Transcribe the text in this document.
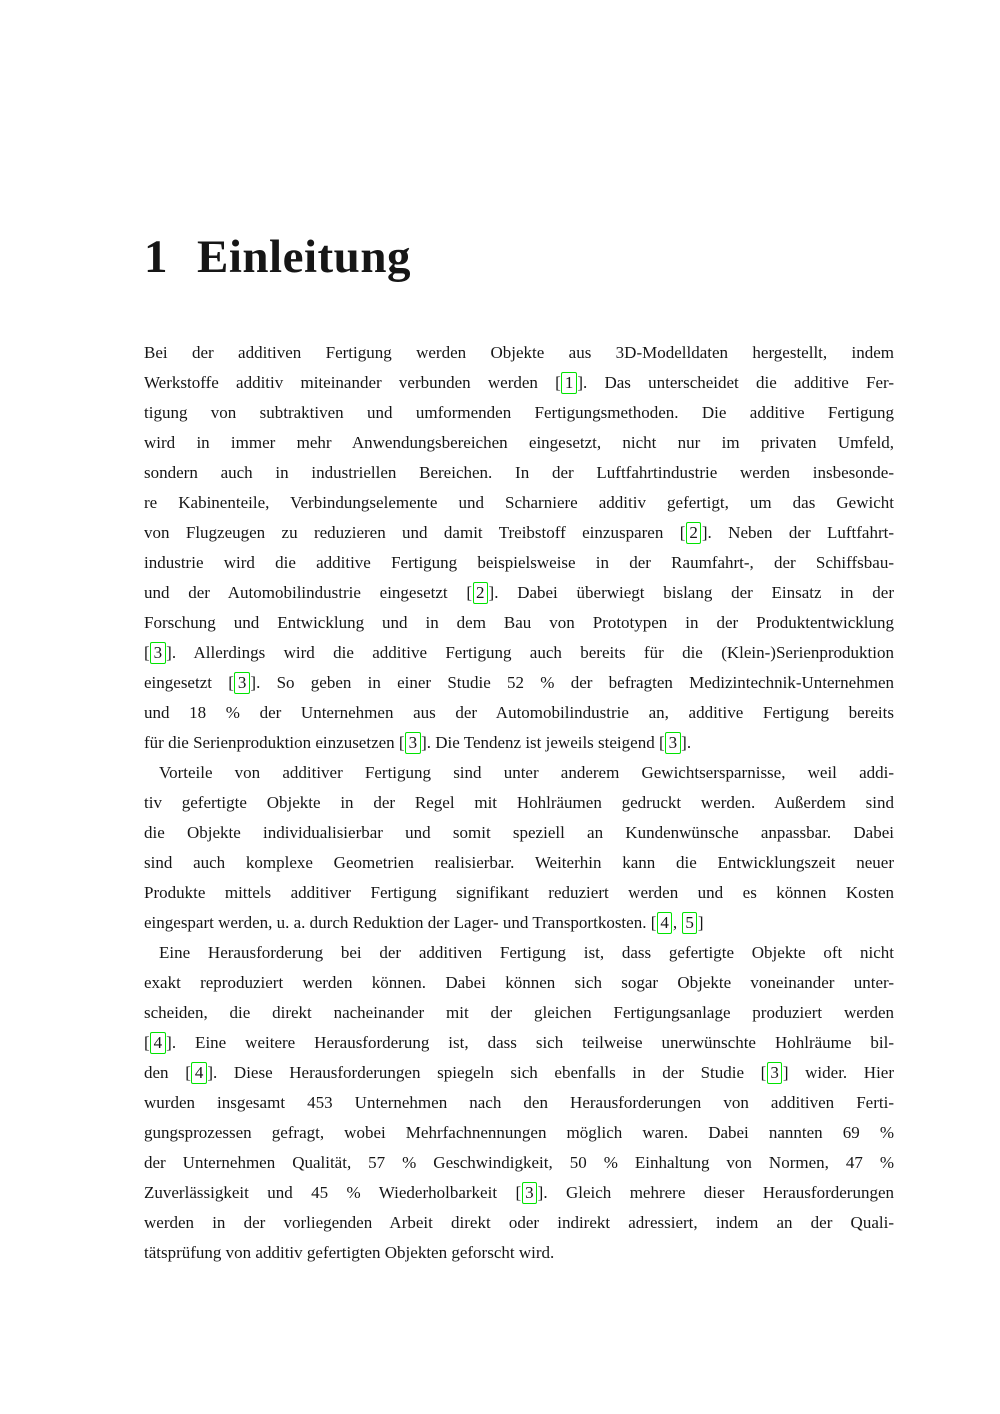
1 Einleitung

Bei der additiven Fertigung werden Objekte aus 3D-Modelldaten hergestellt, indem
Werkstoffe additiv miteinander verbunden werden [ 1 ]. Das unterscheidet die additive Fer-
tigung von subtraktiven und umformenden Fertigungsmethoden. Die additive Fertigung
wird in immer mehr Anwendungsbereichen eingesetzt, nicht nur im privaten Umfeld,
sondern auch in industriellen Bereichen. In der Luftfahrtindustrie werden insbesonde-
re Kabinenteile, Verbindungselemente und Scharniere additiv gefertigt, um das Gewicht
von Flugzeugen zu reduzieren und damit Treibstoff einzusparen [ 2 ]. Neben der Luftfahrt-
industrie wird die additive Fertigung beispielsweise in der Raumfahrt-, der Schiffsbau-
und der Automobilindustrie eingesetzt [ 2 ]. Dabei überwiegt bislang der Einsatz in der
Forschung und Entwicklung und in dem Bau von Prototypen in der Produktentwicklung
[ 3 ]. Allerdings wird die additive Fertigung auch bereits für die (Klein-)Serienproduktion
eingesetzt [ 3 ]. So geben in einer Studie 52 % der befragten Medizintechnik-Unternehmen
und 18 % der Unternehmen aus der Automobilindustrie an, additive Fertigung bereits
für die Serienproduktion einzusetzen [ 3 ]. Die Tendenz ist jeweils steigend [ 3 ].

Vorteile von additiver Fertigung sind unter anderem Gewichtsersparnisse, weil addi-
tiv gefertigte Objekte in der Regel mit Hohlräumen gedruckt werden. Außerdem sind
die Objekte individualisierbar und somit speziell an Kundenwünsche anpassbar. Dabei
sind auch komplexe Geometrien realisierbar. Weiterhin kann die Entwicklungszeit neuer
Produkte mittels additiver Fertigung signifikant reduziert werden und es können Kosten
eingespart werden, u. a. durch Reduktion der Lager- und Transportkosten. [ 4 , 5 ]

Eine Herausforderung bei der additiven Fertigung ist, dass gefertigte Objekte oft nicht
exakt reproduziert werden können. Dabei können sich sogar Objekte voneinander unter-
scheiden, die direkt nacheinander mit der gleichen Fertigungsanlage produziert werden
[ 4 ]. Eine weitere Herausforderung ist, dass sich teilweise unerwünschte Hohlräume bil-
den [ 4 ]. Diese Herausforderungen spiegeln sich ebenfalls in der Studie [ 3 ] wider. Hier
wurden insgesamt 453 Unternehmen nach den Herausforderungen von additiven Ferti-
gungsprozessen gefragt, wobei Mehrfachnennungen möglich waren. Dabei nannten 69 %
der Unternehmen Qualität, 57 % Geschwindigkeit, 50 % Einhaltung von Normen, 47 %
Zuverlässigkeit und 45 % Wiederholbarkeit [ 3 ]. Gleich mehrere dieser Herausforderungen
werden in der vorliegenden Arbeit direkt oder indirekt adressiert, indem an der Quali-
tätsprüfung von additiv gefertigten Objekten geforscht wird.
